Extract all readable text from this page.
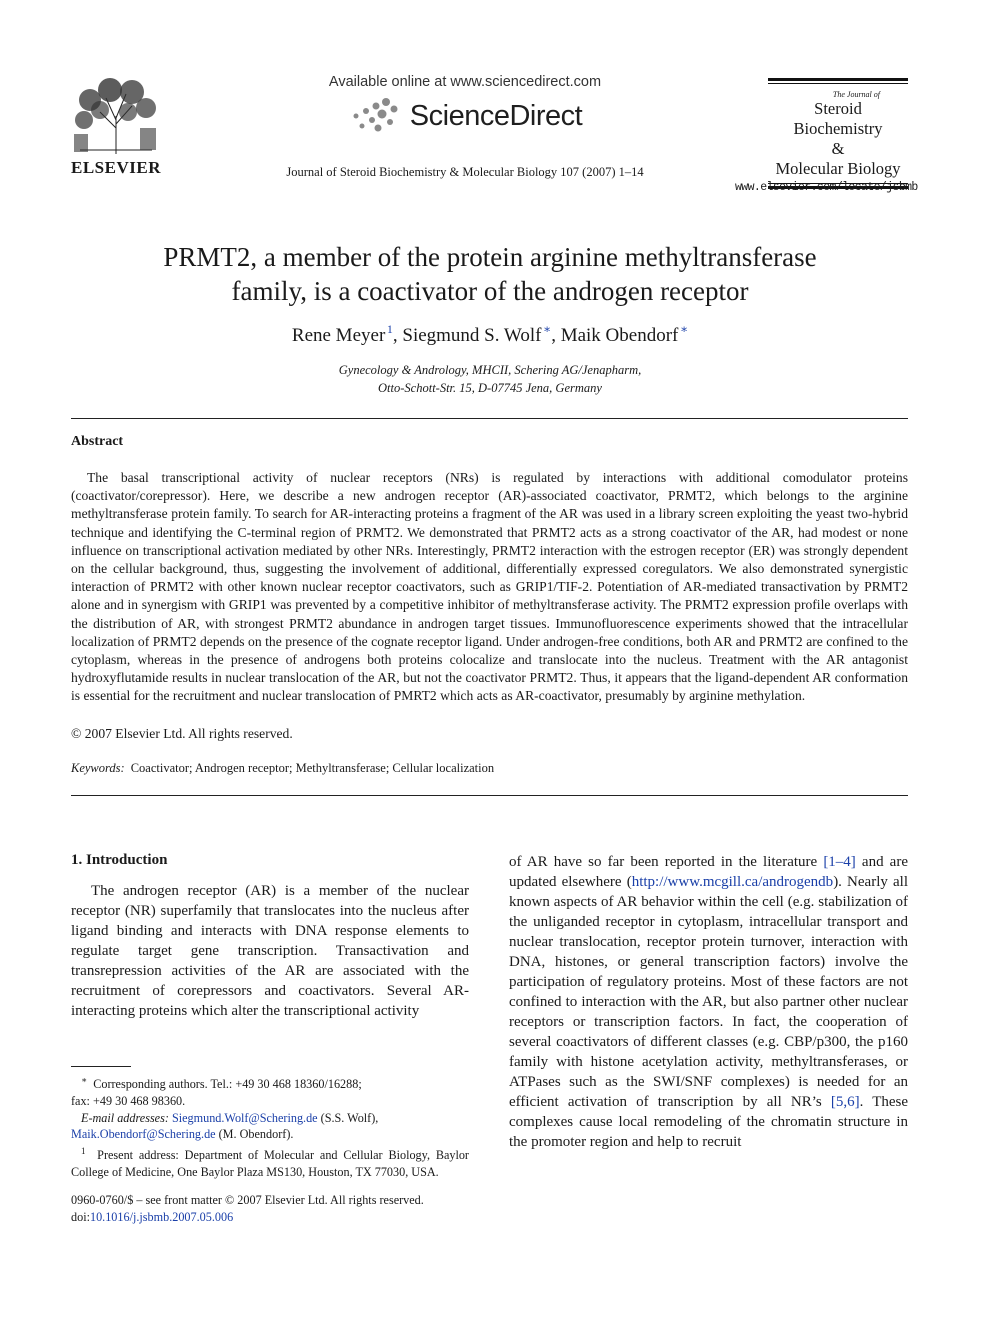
ELSEVIER
Available online at www.sciencedirect.com
ScienceDirect
Journal of Steroid Biochemistry & Molecular Biology 107 (2007) 1–14
The Journal of
Steroid Biochemistry
&
Molecular Biology
www.elsevier.com/locate/jsbmb
PRMT2, a member of the protein arginine methyltransferase
family, is a coactivator of the androgen receptor
Rene Meyer  $^1$, Siegmund S. Wolf  ∗, Maik Obendorf  ∗
Gynecology & Andrology, MHCII, Schering AG/Jenapharm,
Otto-Schott-Str. 15, D-07745 Jena, Germany
Abstract

The basal transcriptional activity of nuclear receptors (NRs) is regulated by interactions with additional comodulator proteins (coactivator/corepressor). Here, we describe a new androgen receptor (AR)-associated coactivator, PRMT2, which belongs to the arginine methyltransferase protein family. To search for AR-interacting proteins a fragment of the AR was used in a library screen exploiting the yeast two-hybrid technique and identifying the C-terminal region of PRMT2. We demonstrated that PRMT2 acts as a strong coactivator of the AR, had modest or none influence on transcriptional activation mediated by other NRs. Interestingly, PRMT2 interaction with the estrogen receptor (ER) was strongly dependent on the cellular background, thus, suggesting the involvement of additional, differentially expressed coregulators. We also demonstrated synergistic interaction of PRMT2 with other known nuclear receptor coactivators, such as GRIP1/TIF-2. Potentiation of AR-mediated transactivation by PRMT2 alone and in synergism with GRIP1 was prevented by a competitive inhibitor of methyltransferase activity. The PRMT2 expression profile overlaps with the distribution of AR, with strongest PRMT2 abundance in androgen target tissues. Immunofluorescence experiments showed that the intracellular localization of PRMT2 depends on the presence of the cognate receptor ligand. Under androgen-free conditions, both AR and PRMT2 are confined to the cytoplasm, whereas in the presence of androgens both proteins colocalize and translocate into the nucleus. Treatment with the AR antagonist hydroxyflutamide results in nuclear translocation of the AR, but not the coactivator PRMT2. Thus, it appears that the ligand-dependent AR conformation is essential for the recruitment and nuclear translocation of PMRT2 which acts as AR-coactivator, presumably by arginine methylation.

© 2007 Elsevier Ltd. All rights reserved.
Keywords: Coactivator; Androgen receptor; Methyltransferase; Cellular localization
1. Introduction

The androgen receptor (AR) is a member of the nuclear receptor (NR) superfamily that translocates into the nucleus after ligand binding and interacts with DNA response elements to regulate target gene transcription. Transactivation and transrepression activities of the AR are associated with the recruitment of corepressors and coactivators. Several AR-interacting proteins which alter the transcriptional activity

of AR have so far been reported in the literature [1–4] and are updated elsewhere (http://www.mcgill.ca/androgendb). Nearly all known aspects of AR behavior within the cell (e.g. stabilization of the unliganded receptor in cytoplasm, intracellular transport and nuclear translocation, receptor protein turnover, interaction with DNA, histones, or general transcription factors) involve the participation of regulatory proteins. Most of these factors are not confined to interaction with the AR, but also partner other nuclear receptors or transcription factors. In fact, the cooperation of several coactivators of different classes (e.g. CBP/p300, the p160 family with histone acetylation activity, methyltransferases, or ATPases such as the SWI/SNF complexes) is needed for an efficient activation of transcription by all NR’s [5,6]. These complexes cause local remodeling of the chromatin structure in the promoter region and help to recruit

∗ Corresponding authors. Tel.: +49 30 468 18360/16288;

fax: +49 30 468 98360.

E-mail addresses: Siegmund.Wolf@Schering.de (S.S. Wolf),
Maik.Obendorf@Schering.de (M. Obendorf).

$^1$ Present address: Department of Molecular and Cellular Biology, Baylor College of Medicine, One Baylor Plaza MS130, Houston, TX 77030, USA.

0960-0760/$ – see front matter © 2007 Elsevier Ltd. All rights reserved.
doi:10.1016/j.jsbmb.2007.05.006
